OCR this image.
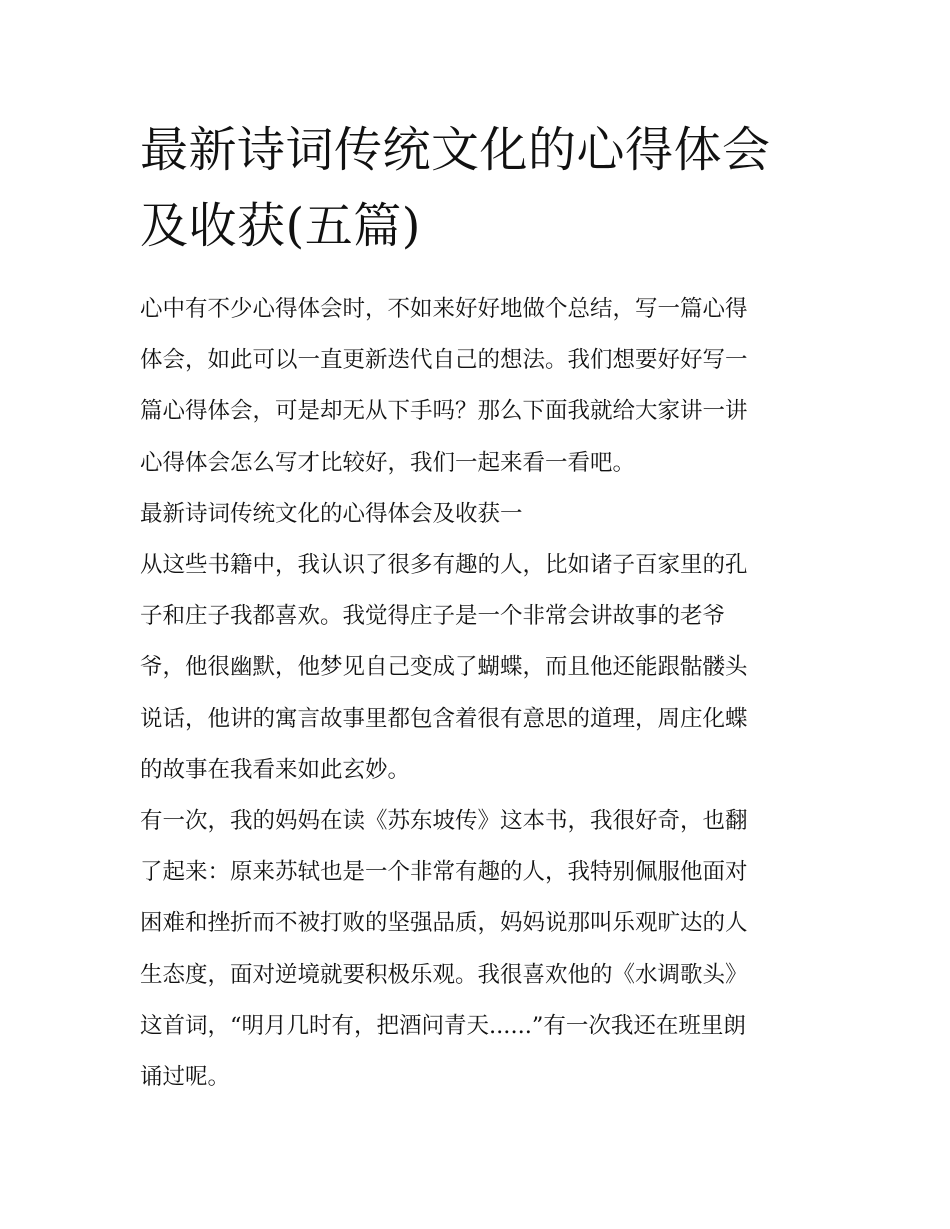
最新诗词传统文化的心得体会
及收获(五篇)

心中有不少心得体会时，不如来好好地做个总结，写一篇心得
体会，如此可以一直更新迭代自己的想法。我们想要好好写一
篇心得体会，可是却无从下手吗？那么下面我就给大家讲一讲
心得体会怎么写才比较好，我们一起来看一看吧。

最新诗词传统文化的心得体会及收获一

从这些书籍中，我认识了很多有趣的人，比如诸子百家里的孔
子和庄子我都喜欢。我觉得庄子是一个非常会讲故事的老爷
爷，他很幽默，他梦见自己变成了蝴蝶，而且他还能跟骷髅头
说话，他讲的寓言故事里都包含着很有意思的道理，周庄化蝶
的故事在我看来如此玄妙。

有一次，我的妈妈在读《苏东坡传》这本书，我很好奇，也翻
了起来：原来苏轼也是一个非常有趣的人，我特别佩服他面对
困难和挫折而不被打败的坚强品质，妈妈说那叫乐观旷达的人
生态度，面对逆境就要积极乐观。我很喜欢他的《水调歌头》
这首词，“明月几时有，把酒问青天......”有一次我还在班里朗
诵过呢。
